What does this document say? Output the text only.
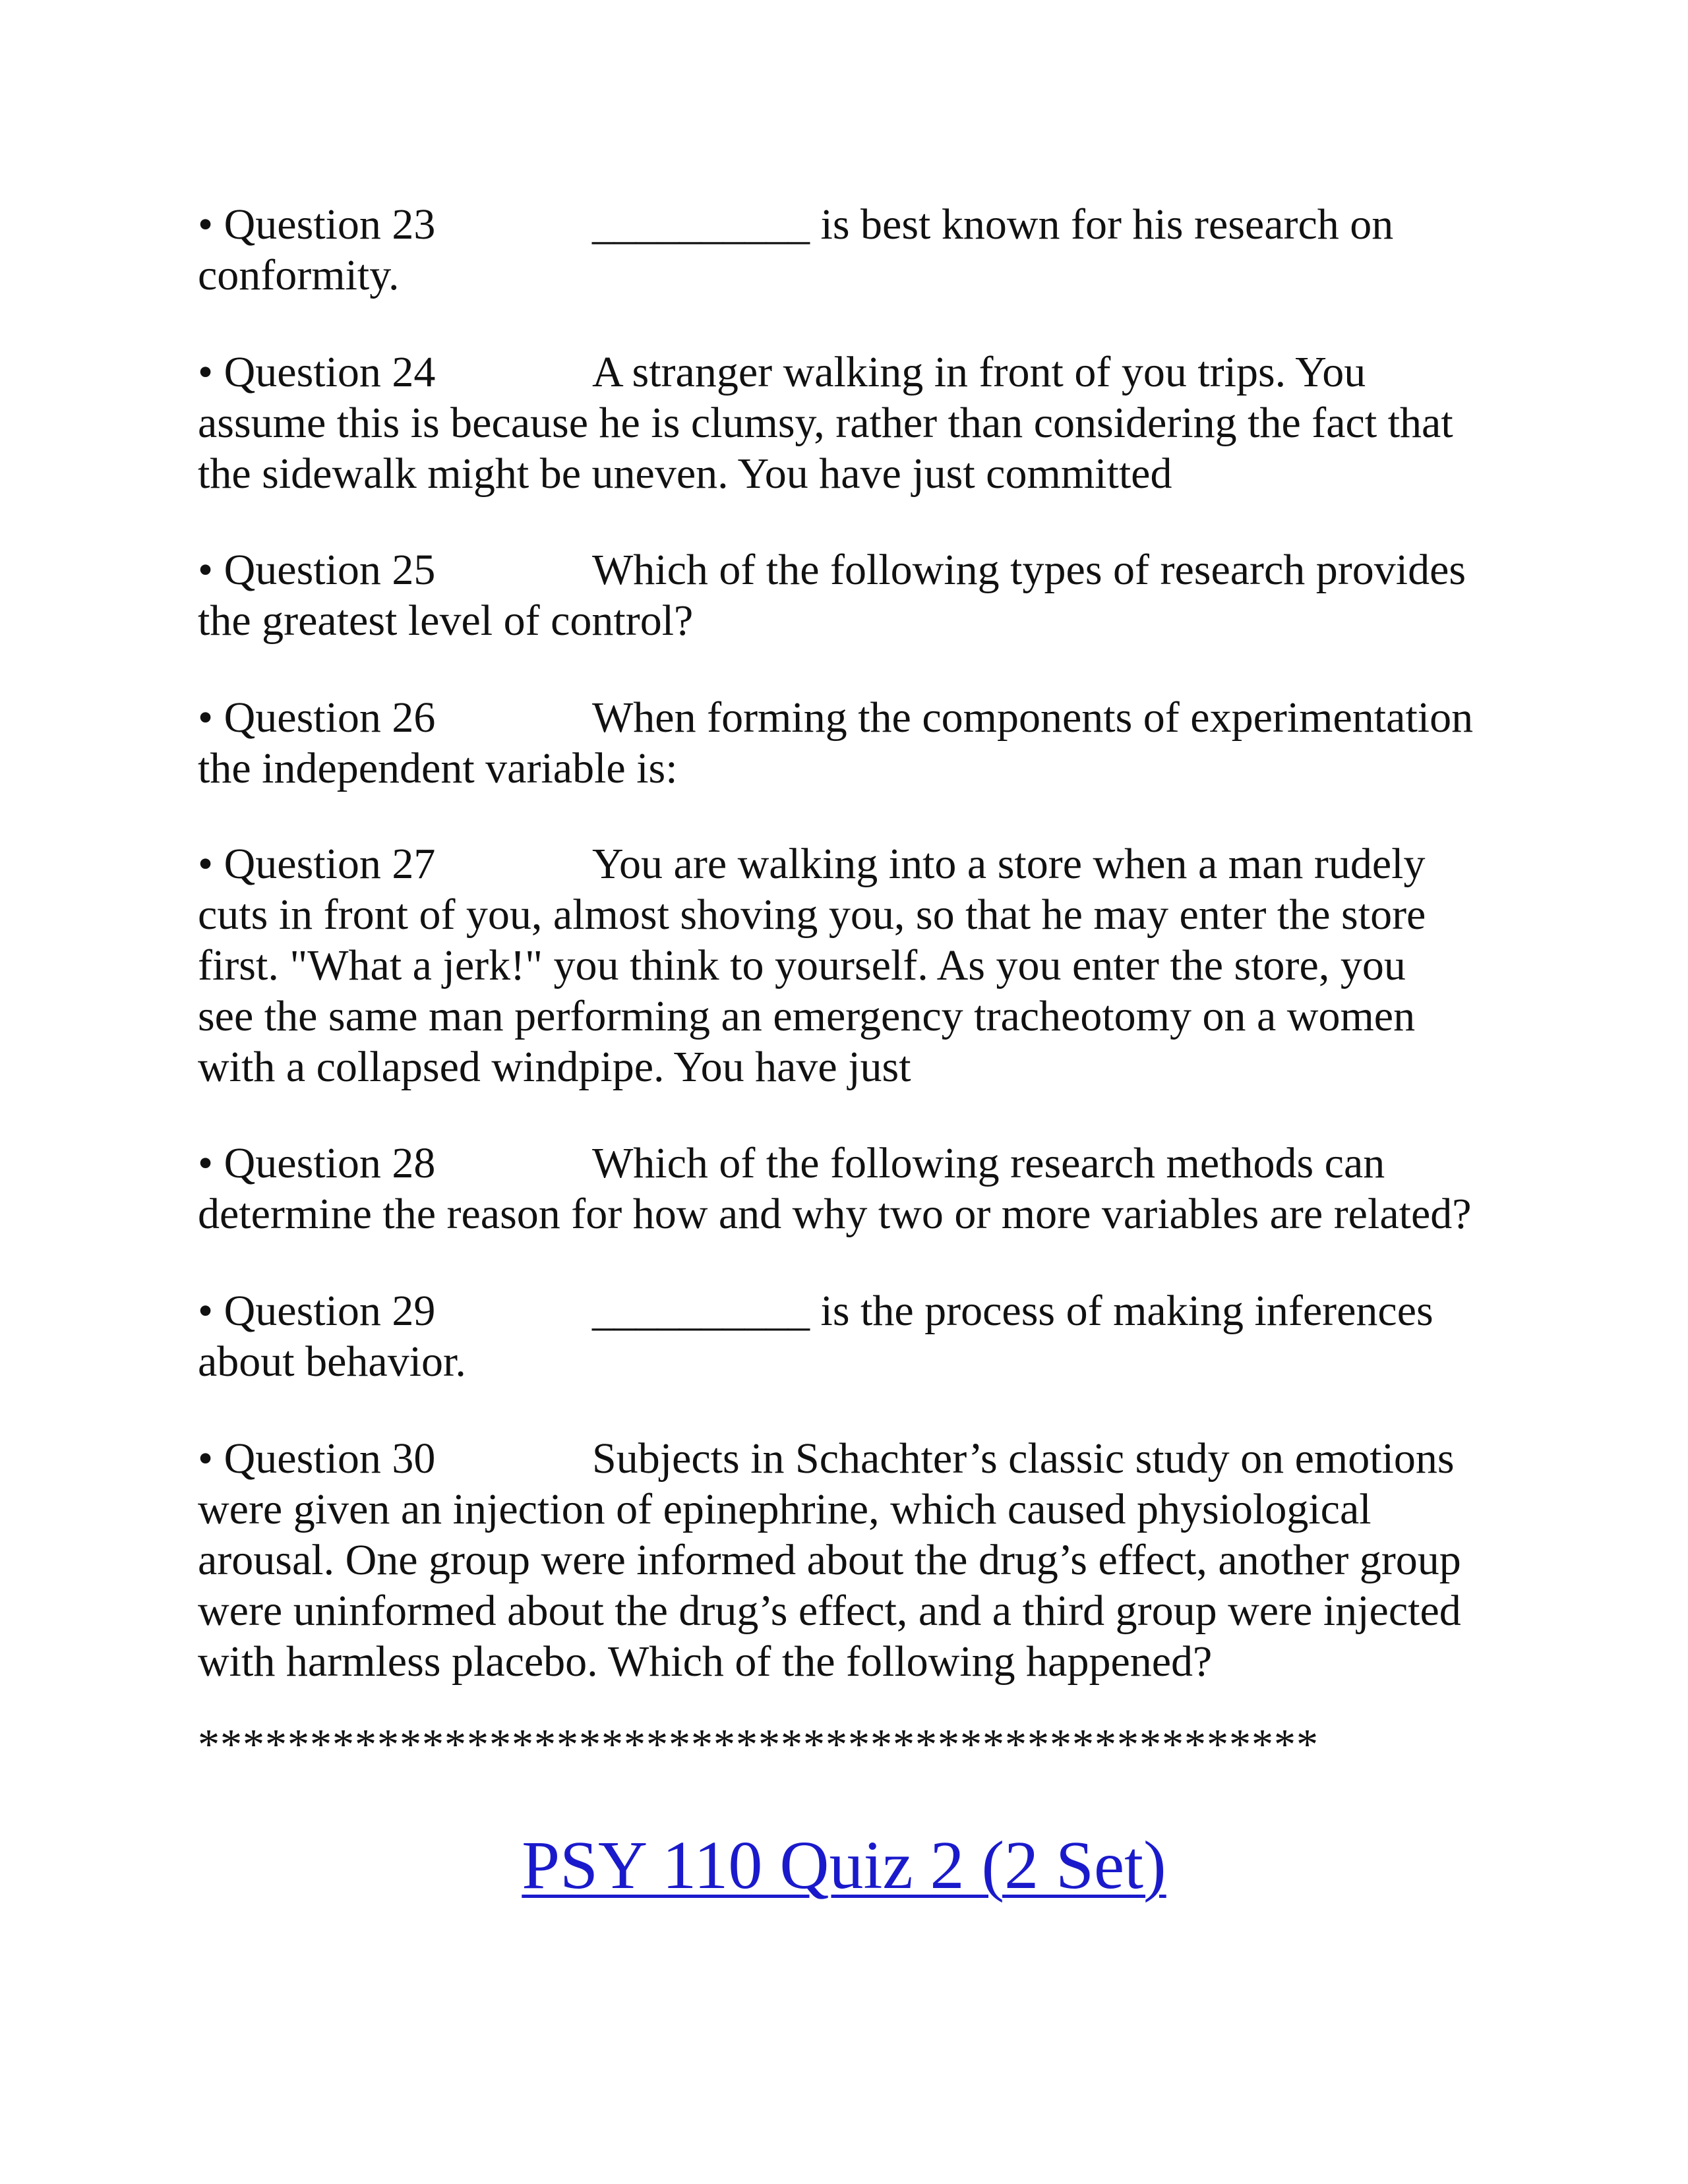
• Question 23	__________ is best known for his research on
conformity.
• Question 24	A stranger walking in front of you trips. You
assume this is because he is clumsy, rather than considering the fact that
the sidewalk might be uneven. You have just committed
• Question 25	Which of the following types of research provides
the greatest level of control?
• Question 26	When forming the components of experimentation
the independent variable is:
• Question 27	You are walking into a store when a man rudely
cuts in front of you, almost shoving you, so that he may enter the store
first. "What a jerk!" you think to yourself. As you enter the store, you
see the same man performing an emergency tracheotomy on a women
with a collapsed windpipe. You have just
• Question 28	Which of the following research methods can
determine the reason for how and why two or more variables are related?
• Question 29	__________ is the process of making inferences
about behavior.
• Question 30	Subjects in Schachter’s classic study on emotions
were given an injection of epinephrine, which caused physiological
arousal. One group were informed about the drug’s effect, another group
were uninformed about the drug’s effect, and a third group were injected
with harmless placebo. Which of the following happened?
**************************************************
PSY 110 Quiz 2 (2 Set)
